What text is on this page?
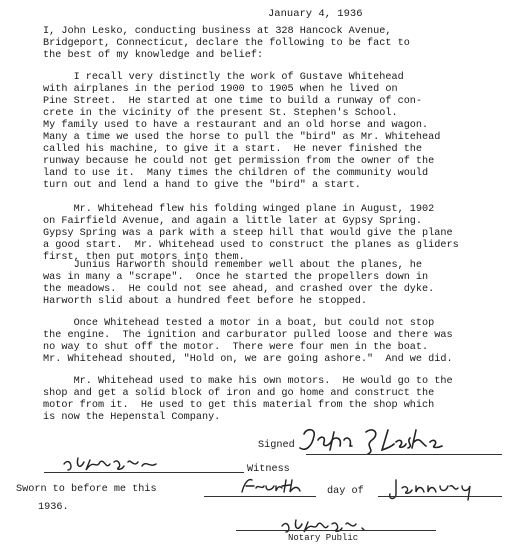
January 4, 1936
I, John Lesko, conducting business at 328 Hancock Avenue,
Bridgeport, Connecticut, declare the following to be fact to
the best of my knowledge and belief:
I recall very distinctly the work of Gustave Whitehead
with airplanes in the period 1900 to 1905 when he lived on
Pine Street.  He started at one time to build a runway of con-
crete in the vicinity of the present St. Stephen's School.
My family used to have a restaurant and an old horse and wagon.
Many a time we used the horse to pull the "bird" as Mr. Whitehead
called his machine, to give it a start.  He never finished the
runway because he could not get permission from the owner of the
land to use it.  Many times the children of the community would
turn out and lend a hand to give the "bird" a start.
Mr. Whitehead flew his folding winged plane in August, 1902
on Fairfield Avenue, and again a little later at Gypsy Spring.
Gypsy Spring was a park with a steep hill that would give the plane
a good start.  Mr. Whitehead used to construct the planes as gliders
first, then put motors into them.
Junius Harworth should remember well about the planes, he
was in many a "scrape".  Once he started the propellers down in
the meadows.  He could not see ahead, and crashed over the dyke.
Harworth slid about a hundred feet before he stopped.
Once Whitehead tested a motor in a boat, but could not stop
the engine.  The ignition and carburator pulled loose and there was
no way to shut off the motor.  There were four men in the boat.
Mr. Whitehead shouted, "Hold on, we are going ashore."  And we did.
Mr. Whitehead used to make his own motors.  He would go to the
shop and get a solid block of iron and go home and construct the
motor from it.  He used to get this material from the shop which
is now the Hepenstal Company.
Signed
Witness
Sworn to before me this	day of
1936.
Notary Public
